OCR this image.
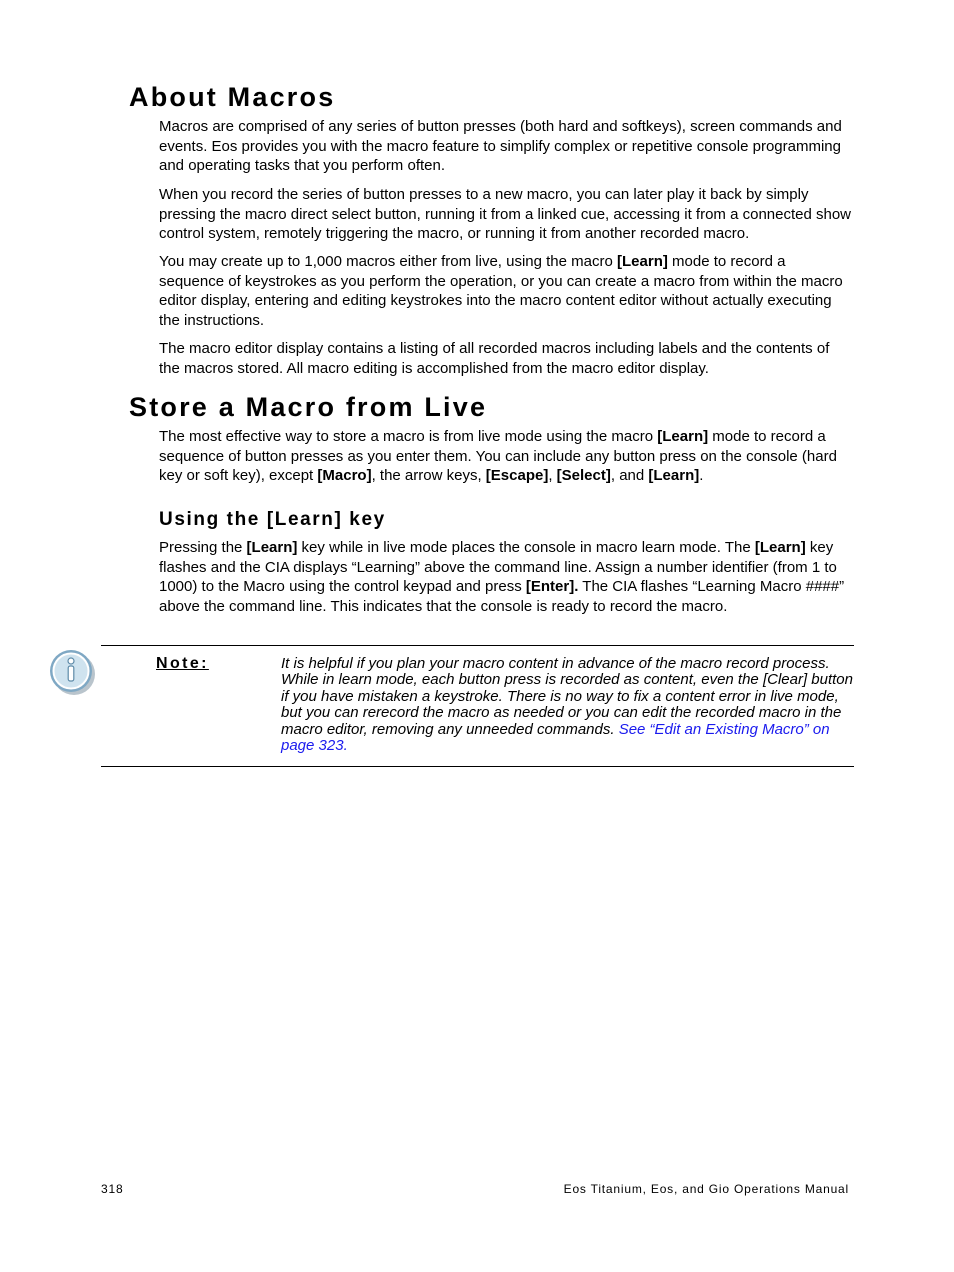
About Macros

Macros are comprised of any series of button presses (both hard and softkeys), screen commands and events. Eos provides you with the macro feature to simplify complex or repetitive console programming and operating tasks that you perform often.

When you record the series of button presses to a new macro, you can later play it back by simply pressing the macro direct select button, running it from a linked cue, accessing it from a connected show control system, remotely triggering the macro, or running it from another recorded macro.

You may create up to 1,000 macros either from live, using the macro [Learn] mode to record a sequence of keystrokes as you perform the operation, or you can create a macro from within the macro editor display, entering and editing keystrokes into the macro content editor without actually executing the instructions.

The macro editor display contains a listing of all recorded macros including labels and the contents of the macros stored. All macro editing is accomplished from the macro editor display.

Store a Macro from Live

The most effective way to store a macro is from live mode using the macro [Learn] mode to record a sequence of button presses as you enter them. You can include any button press on the console (hard key or soft key), except [Macro], the arrow keys, [Escape], [Select], and [Learn].

Using the [Learn] key

Pressing the [Learn] key while in live mode places the console in macro learn mode. The [Learn] key flashes and the CIA displays “Learning” above the command line. Assign a number identifier (from 1 to 1000) to the Macro using the control keypad and press [Enter]. The CIA flashes “Learning Macro ####” above the command line. This indicates that the console is ready to record the macro.

Note:	It is helpful if you plan your macro content in advance of the macro record process. While in learn mode, each button press is recorded as content, even the [Clear] button if you have mistaken a keystroke. There is no way to fix a content error in live mode, but you can rerecord the macro as needed or you can edit the recorded macro in the macro editor, removing any unneeded commands. See “Edit an Existing Macro” on page 323.

318	Eos Titanium, Eos, and Gio Operations Manual
